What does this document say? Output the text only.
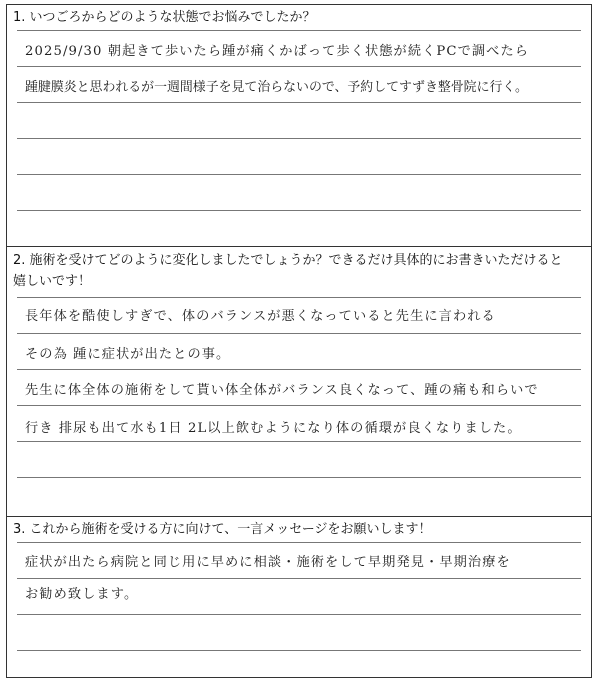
1. いつごろからどのような状態でお悩みでしたか？
2025/9/30 朝起きて歩いたら踵が痛くかばって歩く状態が続くPCで調べたら
踵腱膜炎と思われるが一週間様子を見て治らないので、予約してすずき整骨院に行く。
2. 施術を受けてどのように変化しましたでしょうか？できるだけ具体的にお書きいただけると
嬉しいです！
長年体を酷使しすぎで、体のバランスが悪くなっていると先生に言われる
その為 踵に症状が出たとの事。
先生に体全体の施術をして貰い体全体がバランス良くなって、踵の痛も和らいで
行き 排尿も出て水も1日 2L以上飲むようになり体の循環が良くなりました。
3. これから施術を受ける方に向けて、一言メッセージをお願いします！
症状が出たら病院と同じ用に早めに相談・施術をして早期発見・早期治療を
お勧め致します。
